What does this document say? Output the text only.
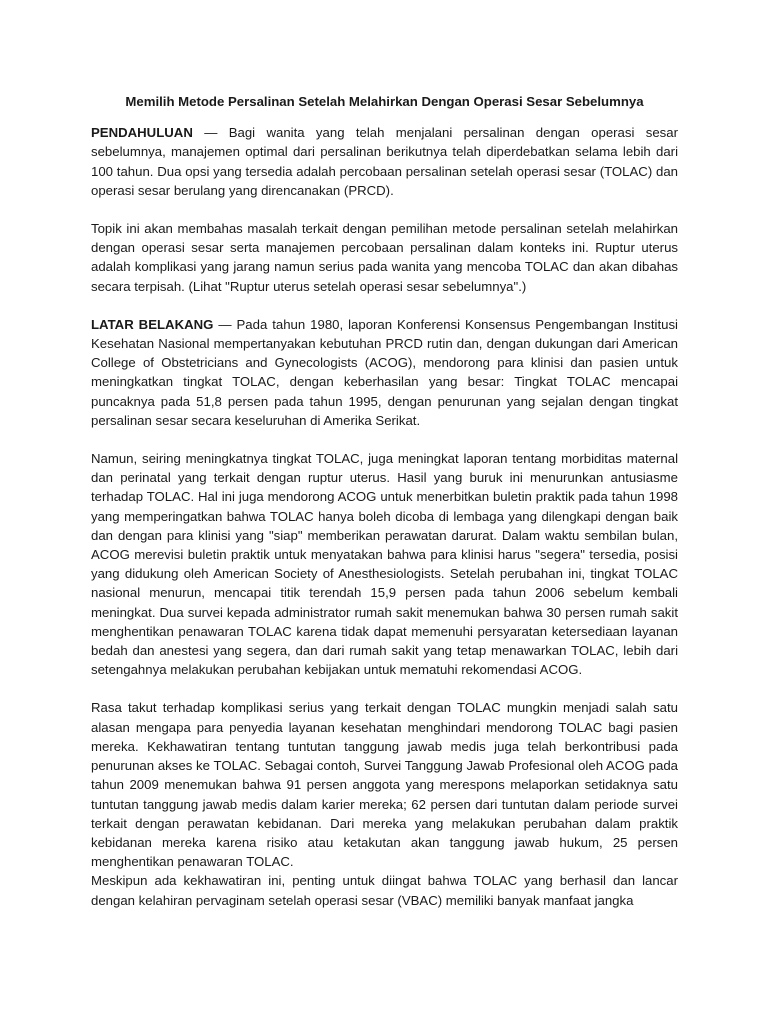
Memilih Metode Persalinan Setelah Melahirkan Dengan Operasi Sesar Sebelumnya

PENDAHULUAN — Bagi wanita yang telah menjalani persalinan dengan operasi sesar sebelumnya, manajemen optimal dari persalinan berikutnya telah diperdebatkan selama lebih dari 100 tahun. Dua opsi yang tersedia adalah percobaan persalinan setelah operasi sesar (TOLAC) dan operasi sesar berulang yang direncanakan (PRCD).

Topik ini akan membahas masalah terkait dengan pemilihan metode persalinan setelah melahirkan dengan operasi sesar serta manajemen percobaan persalinan dalam konteks ini. Ruptur uterus adalah komplikasi yang jarang namun serius pada wanita yang mencoba TOLAC dan akan dibahas secara terpisah. (Lihat "Ruptur uterus setelah operasi sesar sebelumnya".)

LATAR BELAKANG — Pada tahun 1980, laporan Konferensi Konsensus Pengembangan Institusi Kesehatan Nasional mempertanyakan kebutuhan PRCD rutin dan, dengan dukungan dari American College of Obstetricians and Gynecologists (ACOG), mendorong para klinisi dan pasien untuk meningkatkan tingkat TOLAC, dengan keberhasilan yang besar: Tingkat TOLAC mencapai puncaknya pada 51,8 persen pada tahun 1995, dengan penurunan yang sejalan dengan tingkat persalinan sesar secara keseluruhan di Amerika Serikat.

Namun, seiring meningkatnya tingkat TOLAC, juga meningkat laporan tentang morbiditas maternal dan perinatal yang terkait dengan ruptur uterus. Hasil yang buruk ini menurunkan antusiasme terhadap TOLAC. Hal ini juga mendorong ACOG untuk menerbitkan buletin praktik pada tahun 1998 yang memperingatkan bahwa TOLAC hanya boleh dicoba di lembaga yang dilengkapi dengan baik dan dengan para klinisi yang "siap" memberikan perawatan darurat. Dalam waktu sembilan bulan, ACOG merevisi buletin praktik untuk menyatakan bahwa para klinisi harus "segera" tersedia, posisi yang didukung oleh American Society of Anesthesiologists. Setelah perubahan ini, tingkat TOLAC nasional menurun, mencapai titik terendah 15,9 persen pada tahun 2006 sebelum kembali meningkat. Dua survei kepada administrator rumah sakit menemukan bahwa 30 persen rumah sakit menghentikan penawaran TOLAC karena tidak dapat memenuhi persyaratan ketersediaan layanan bedah dan anestesi yang segera, dan dari rumah sakit yang tetap menawarkan TOLAC, lebih dari setengahnya melakukan perubahan kebijakan untuk mematuhi rekomendasi ACOG.

Rasa takut terhadap komplikasi serius yang terkait dengan TOLAC mungkin menjadi salah satu alasan mengapa para penyedia layanan kesehatan menghindari mendorong TOLAC bagi pasien mereka. Kekhawatiran tentang tuntutan tanggung jawab medis juga telah berkontribusi pada penurunan akses ke TOLAC. Sebagai contoh, Survei Tanggung Jawab Profesional oleh ACOG pada tahun 2009 menemukan bahwa 91 persen anggota yang merespons melaporkan setidaknya satu tuntutan tanggung jawab medis dalam karier mereka; 62 persen dari tuntutan dalam periode survei terkait dengan perawatan kebidanan. Dari mereka yang melakukan perubahan dalam praktik kebidanan mereka karena risiko atau ketakutan akan tanggung jawab hukum, 25 persen menghentikan penawaran TOLAC.

Meskipun ada kekhawatiran ini, penting untuk diingat bahwa TOLAC yang berhasil dan lancar dengan kelahiran pervaginam setelah operasi sesar (VBAC) memiliki banyak manfaat jangka
